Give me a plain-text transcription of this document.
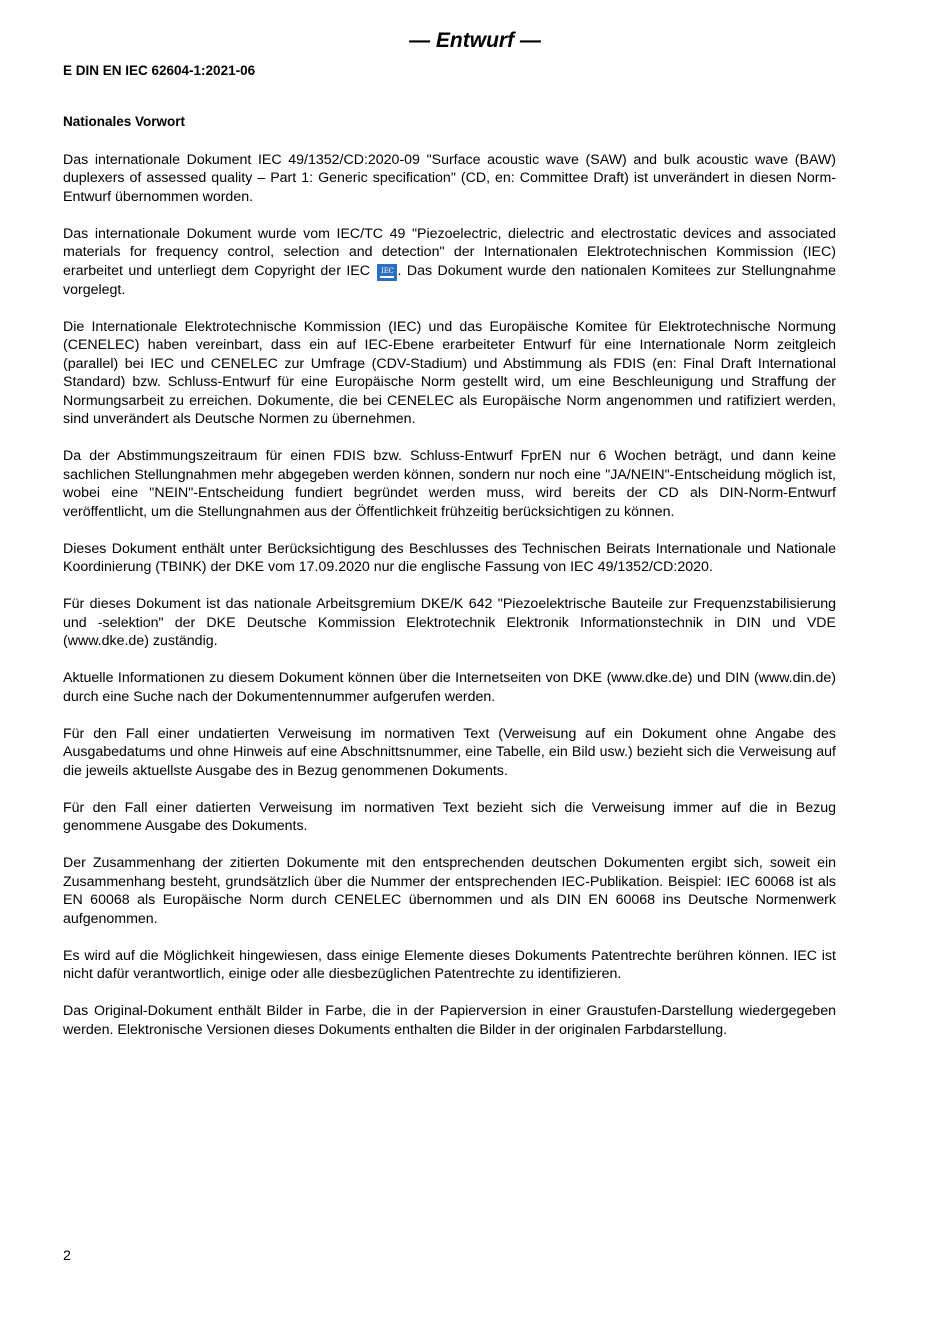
— Entwurf —
E DIN EN IEC 62604-1:2021-06
Nationales Vorwort

Das internationale Dokument IEC 49/1352/CD:2020-09 "Surface acoustic wave (SAW) and bulk acoustic wave (BAW) duplexers of assessed quality – Part 1: Generic specification" (CD, en: Committee Draft) ist unverändert in diesen Norm-Entwurf übernommen worden.

Das internationale Dokument wurde vom IEC/TC 49 "Piezoelectric, dielectric and electrostatic devices and associated materials for frequency control, selection and detection" der Internationalen Elektrotechnischen Kommission (IEC) erarbeitet und unterliegt dem Copyright der IEC	IEC . Das Dokument wurde den nationalen Komitees zur Stellungnahme vorgelegt.

Die Internationale Elektrotechnische Kommission (IEC) und das Europäische Komitee für Elektrotechnische Normung (CENELEC) haben vereinbart, dass ein auf IEC-Ebene erarbeiteter Entwurf für eine Internationale Norm zeitgleich (parallel) bei IEC und CENELEC zur Umfrage (CDV-Stadium) und Abstimmung als FDIS (en: Final Draft International Standard) bzw. Schluss-Entwurf für eine Europäische Norm gestellt wird, um eine Beschleunigung und Straffung der Normungsarbeit zu erreichen. Dokumente, die bei CENELEC als Europäische Norm angenommen und ratifiziert werden, sind unverändert als Deutsche Normen zu übernehmen.

Da der Abstimmungszeitraum für einen FDIS bzw. Schluss-Entwurf FprEN nur 6 Wochen beträgt, und dann keine sachlichen Stellungnahmen mehr abgegeben werden können, sondern nur noch eine "JA/NEIN"-Entscheidung möglich ist, wobei eine "NEIN"-Entscheidung fundiert begründet werden muss, wird bereits der CD als DIN-Norm-Entwurf veröffentlicht, um die Stellungnahmen aus der Öffentlichkeit frühzeitig berücksichtigen zu können.

Dieses Dokument enthält unter Berücksichtigung des Beschlusses des Technischen Beirats Internationale und Nationale Koordinierung (TBINK) der DKE vom 17.09.2020 nur die englische Fassung von IEC 49/1352/CD:2020.

Für dieses Dokument ist das nationale Arbeitsgremium DKE/K 642 "Piezoelektrische Bauteile zur Frequenzstabilisierung und -selektion" der DKE Deutsche Kommission Elektrotechnik Elektronik Informationstechnik in DIN und VDE (www.dke.de) zuständig.

Aktuelle Informationen zu diesem Dokument können über die Internetseiten von DKE (www.dke.de) und DIN (www.din.de) durch eine Suche nach der Dokumentennummer aufgerufen werden.

Für den Fall einer undatierten Verweisung im normativen Text (Verweisung auf ein Dokument ohne Angabe des Ausgabedatums und ohne Hinweis auf eine Abschnittsnummer, eine Tabelle, ein Bild usw.) bezieht sich die Verweisung auf die jeweils aktuellste Ausgabe des in Bezug genommenen Dokuments.

Für den Fall einer datierten Verweisung im normativen Text bezieht sich die Verweisung immer auf die in Bezug genommene Ausgabe des Dokuments.

Der Zusammenhang der zitierten Dokumente mit den entsprechenden deutschen Dokumenten ergibt sich, soweit ein Zusammenhang besteht, grundsätzlich über die Nummer der entsprechenden IEC-Publikation. Beispiel: IEC 60068 ist als EN 60068 als Europäische Norm durch CENELEC übernommen und als DIN EN 60068 ins Deutsche Normenwerk aufgenommen.

Es wird auf die Möglichkeit hingewiesen, dass einige Elemente dieses Dokuments Patentrechte berühren können. IEC ist nicht dafür verantwortlich, einige oder alle diesbezüglichen Patentrechte zu identifizieren.

Das Original-Dokument enthält Bilder in Farbe, die in der Papierversion in einer Graustufen-Darstellung wiedergegeben werden. Elektronische Versionen dieses Dokuments enthalten die Bilder in der originalen Farbdarstellung.

2
